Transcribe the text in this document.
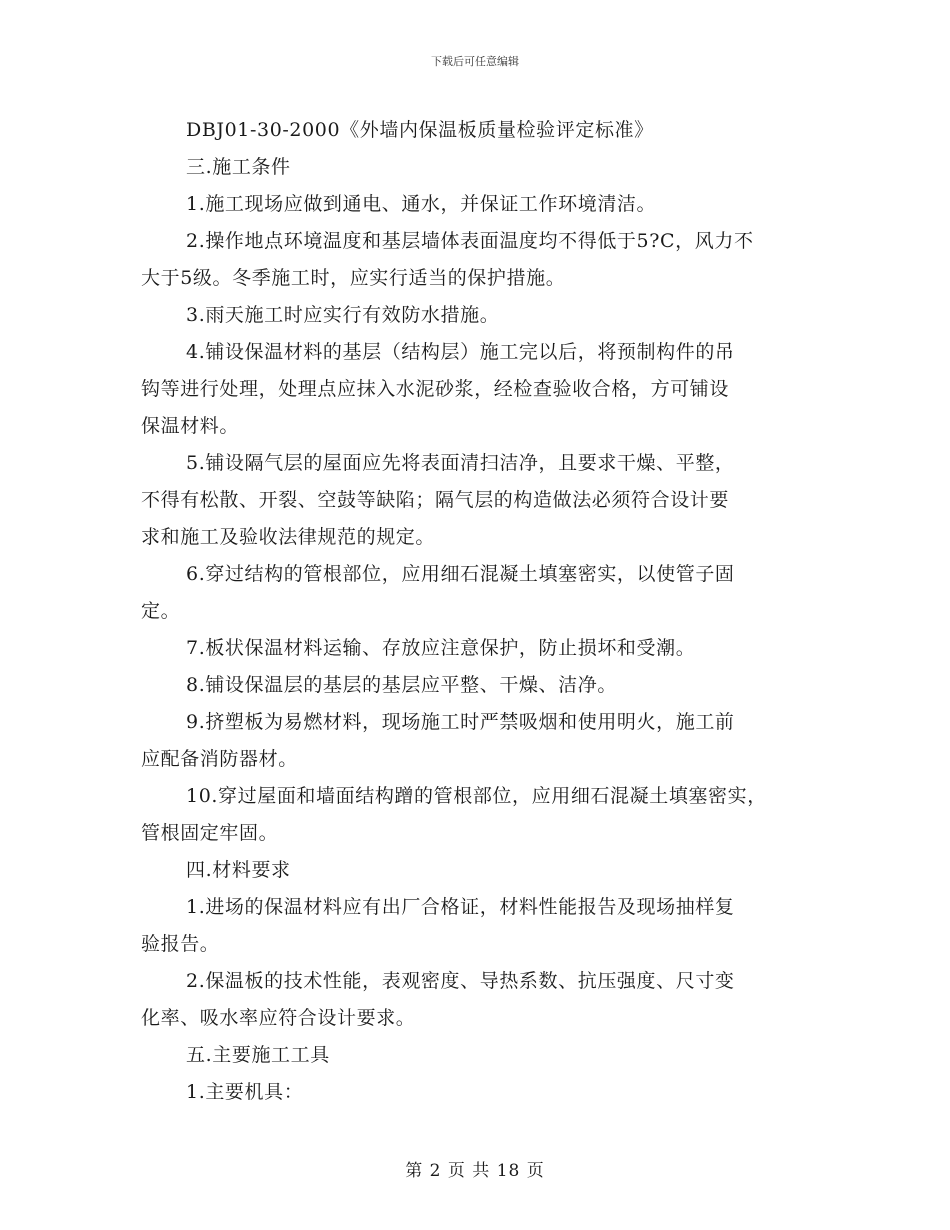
下载后可任意编辑
DBJ01-30-2000《外墙内保温板质量检验评定标准》
三.施工条件
1.施工现场应做到通电、通水，并保证工作环境清洁。
2.操作地点环境温度和基层墙体表面温度均不得低于5?C，风力不
大于5级。冬季施工时，应实行适当的保护措施。
3.雨天施工时应实行有效防水措施。
4.铺设保温材料的基层（结构层）施工完以后，将预制构件的吊
钩等进行处理，处理点应抹入水泥砂浆，经检查验收合格，方可铺设
保温材料。
5.铺设隔气层的屋面应先将表面清扫洁净，且要求干燥、平整，
不得有松散、开裂、空鼓等缺陷；隔气层的构造做法必须符合设计要
求和施工及验收法律规范的规定。
6.穿过结构的管根部位，应用细石混凝土填塞密实，以使管子固
定。
7.板状保温材料运输、存放应注意保护，防止损坏和受潮。
8.铺设保温层的基层的基层应平整、干燥、洁净。
9.挤塑板为易燃材料，现场施工时严禁吸烟和使用明火，施工前
应配备消防器材。
10.穿过屋面和墙面结构蹭的管根部位，应用细石混凝土填塞密实，
管根固定牢固。
四.材料要求
1.进场的保温材料应有出厂合格证，材料性能报告及现场抽样复
验报告。
2.保温板的技术性能，表观密度、导热系数、抗压强度、尺寸变
化率、吸水率应符合设计要求。
五.主要施工工具
1.主要机具：
第 2 页 共 18 页
